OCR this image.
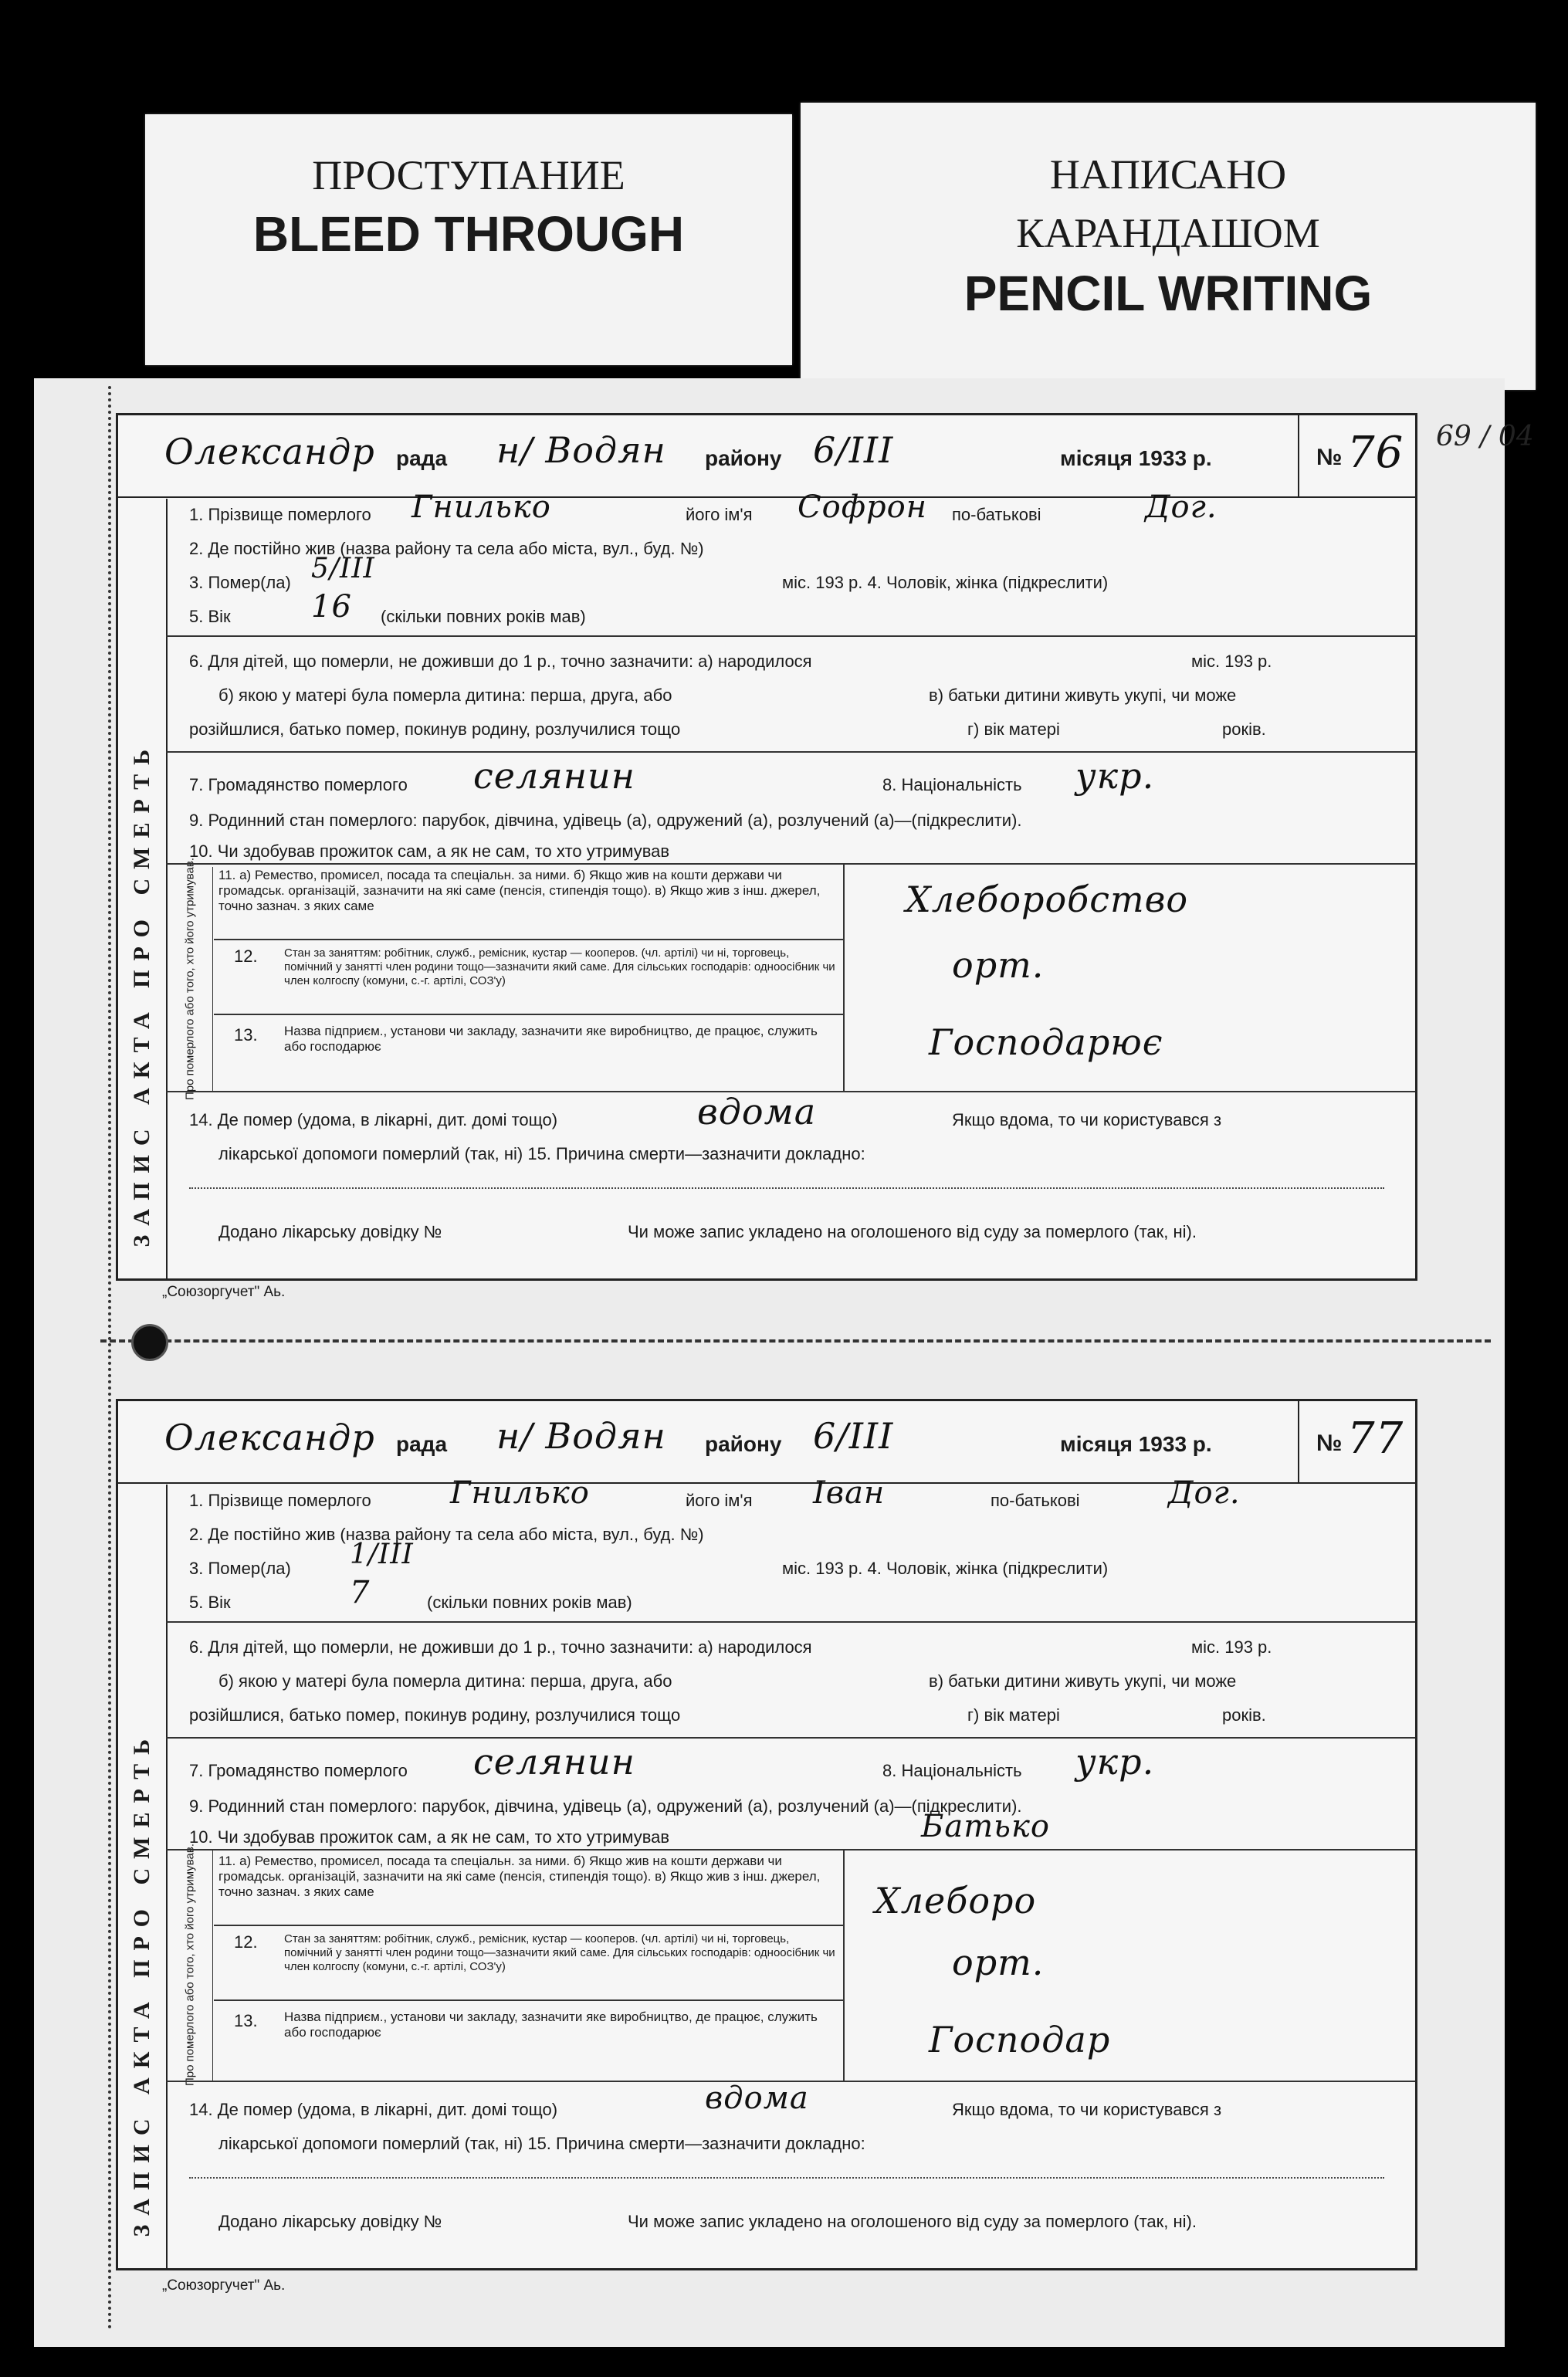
ПРОСТУПАНИЕ
BLEED THROUGH
НАПИСАНО
КАРАНДАШОМ
PENCIL WRITING
69 / 04
Олександр рада н/ Водян району 6/III	місяця 1933 р.	№ 76
ЗАПИС АКТА ПРО СМЕРТЬ	Про померлого або того, хто його утримував.
1. Прізвище померлого Гнилько	його ім'я Софрон по-батькові	Дог.
2. Де постійно жив (назва району та села або міста, вул., буд. №)
3. Помер(ла) 5/III	міс. 193 р. 4. Чоловік, жінка (підкреслити)
5. Вік	16 (скільки повних років мав)
6. Для дітей, що померли, не доживши до 1 р., точно зазначити: а) народилося	міс. 193 р.
б) якою у матері була померла дитина: перша, друга, або	в) батьки дитини живуть укупі, чи може
розійшлися, батько помер, покинув родину, розлучилися тощо	г) вік матері	років.
7. Громадянство померлого селянин	8. Національність укр.
9. Родинний стан померлого: парубок, дівчина, удівець (а), одружений (а), розлучений (а)—(підкреслити).
10. Чи здобував прожиток сам, а як не сам, то хто утримував
11. а) Ремество, промисел, посада та спеціальн. за ними. б) Якщо жив на кошти держави чи громадськ. організацій, зазначити на які саме (пенсія, стипендія тощо). в) Якщо жив з інш. джерел, точно зазнач. з яких саме	Хлеборобство
12. Стан за заняттям: робітник, служб., ремісник, кустар — кооперов. (чл. артілі) чи ні, торговець, помічний у занятті член родини тощо—зазначити який саме. Для сільських господарів: одноосібник чи член колгоспу (комуни, с.-г. артілі, СОЗ'у)	орт.
13. Назва підприєм., установи чи закладу, зазначити яке виробництво, де працює, служить або господарює	Господарює
14. Де помер (удома, в лікарні, дит. домі тощо)	вдома	Якщо вдома, то чи користувався з
лікарської допомоги померлий (так, ні) 15. Причина смерти—зазначити докладно:
Додано лікарську довідку №	Чи може запис укладено на оголошеного від суду за померлого (так, ні).
„Союзоргучет" Аь.
Олександр рада н/ Водян району 6/III	місяця 1933 р.	№ 77
ЗАПИС АКТА ПРО СМЕРТЬ	Про померлого або того, хто його утримував.
1. Прізвище померлого	Гнилько	його ім'я Іван	по-батькові	Дог.
2. Де постійно жив (назва району та села або міста, вул., буд. №)
3. Помер(ла) 1/III	міс. 193 р. 4. Чоловік, жінка (підкреслити)
5. Вік	7	(скільки повних років мав)
6. Для дітей, що померли, не доживши до 1 р., точно зазначити: а) народилося	міс. 193 р.
б) якою у матері була померла дитина: перша, друга, або	в) батьки дитини живуть укупі, чи може
розійшлися, батько помер, покинув родину, розлучилися тощо	г) вік матері	років.
7. Громадянство померлого селянин	8. Національність укр.
9. Родинний стан померлого: парубок, дівчина, удівець (а), одружений (а), розлучений (а)—(підкреслити).
10. Чи здобував прожиток сам, а як не сам, то хто утримував	Батько
11. а) Ремество, промисел, посада та спеціальн. за ними. б) Якщо жив на кошти держави чи громадськ. організацій, зазначити на які саме (пенсія, стипендія тощо). в) Якщо жив з інш. джерел, точно зазнач. з яких саме	Хлеборо
12. Стан за заняттям: робітник, служб., ремісник, кустар — кооперов. (чл. артілі) чи ні, торговець, помічний у занятті член родини тощо—зазначити який саме. Для сільських господарів: одноосібник чи член колгоспу (комуни, с.-г. артілі, СОЗ'у)	орт.
13. Назва підприєм., установи чи закладу, зазначити яке виробництво, де працює, служить або господарює	Господар
14. Де помер (удома, в лікарні, дит. домі тощо)	вдома	Якщо вдома, то чи користувався з
лікарської допомоги померлий (так, ні) 15. Причина смерти—зазначити докладно:
Додано лікарську довідку №	Чи може запис укладено на оголошеного від суду за померлого (так, ні).
„Союзоргучет" Аь.
